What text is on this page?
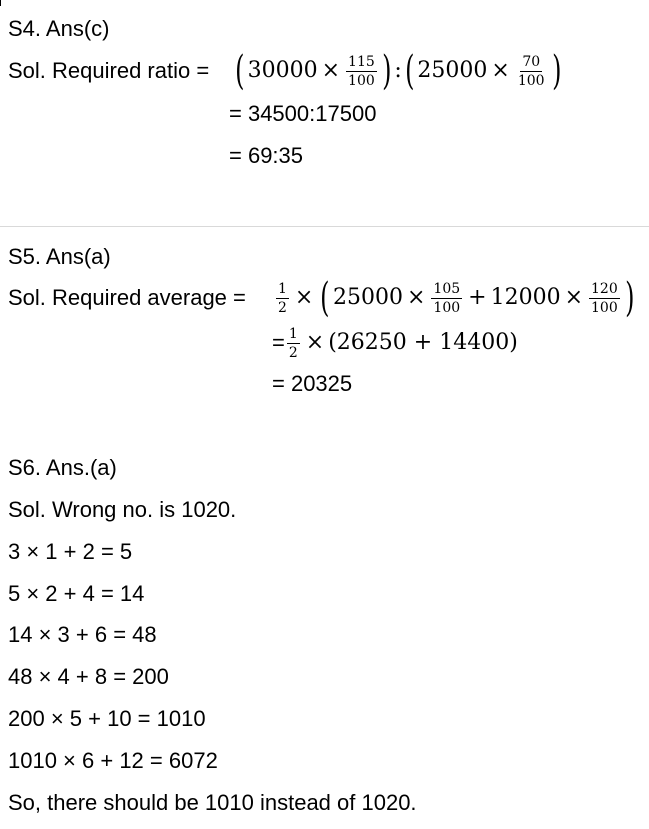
S4. Ans(c)
Sol. Required ratio = ( $30000 \times \frac{115}{100}$ ) : ( $25000 \times \frac{70}{100}$ )
= 34500:17500
= 69:35
S5. Ans(a)
Sol. Required average = $\frac{1}{2}$ × ( $25000 \times \frac{105}{100} + 12000 \times \frac{120}{100}$ )
= $\frac{1}{2} \times (26250 + 14400)$
= 20325
S6. Ans.(a)
Sol. Wrong no. is 1020.
3 × 1 + 2 = 5
5 × 2 + 4 = 14
14 × 3 + 6 = 48
48 × 4 + 8 = 200
200 × 5 + 10 = 1010
1010 × 6 + 12 = 6072
So, there should be 1010 instead of 1020.
